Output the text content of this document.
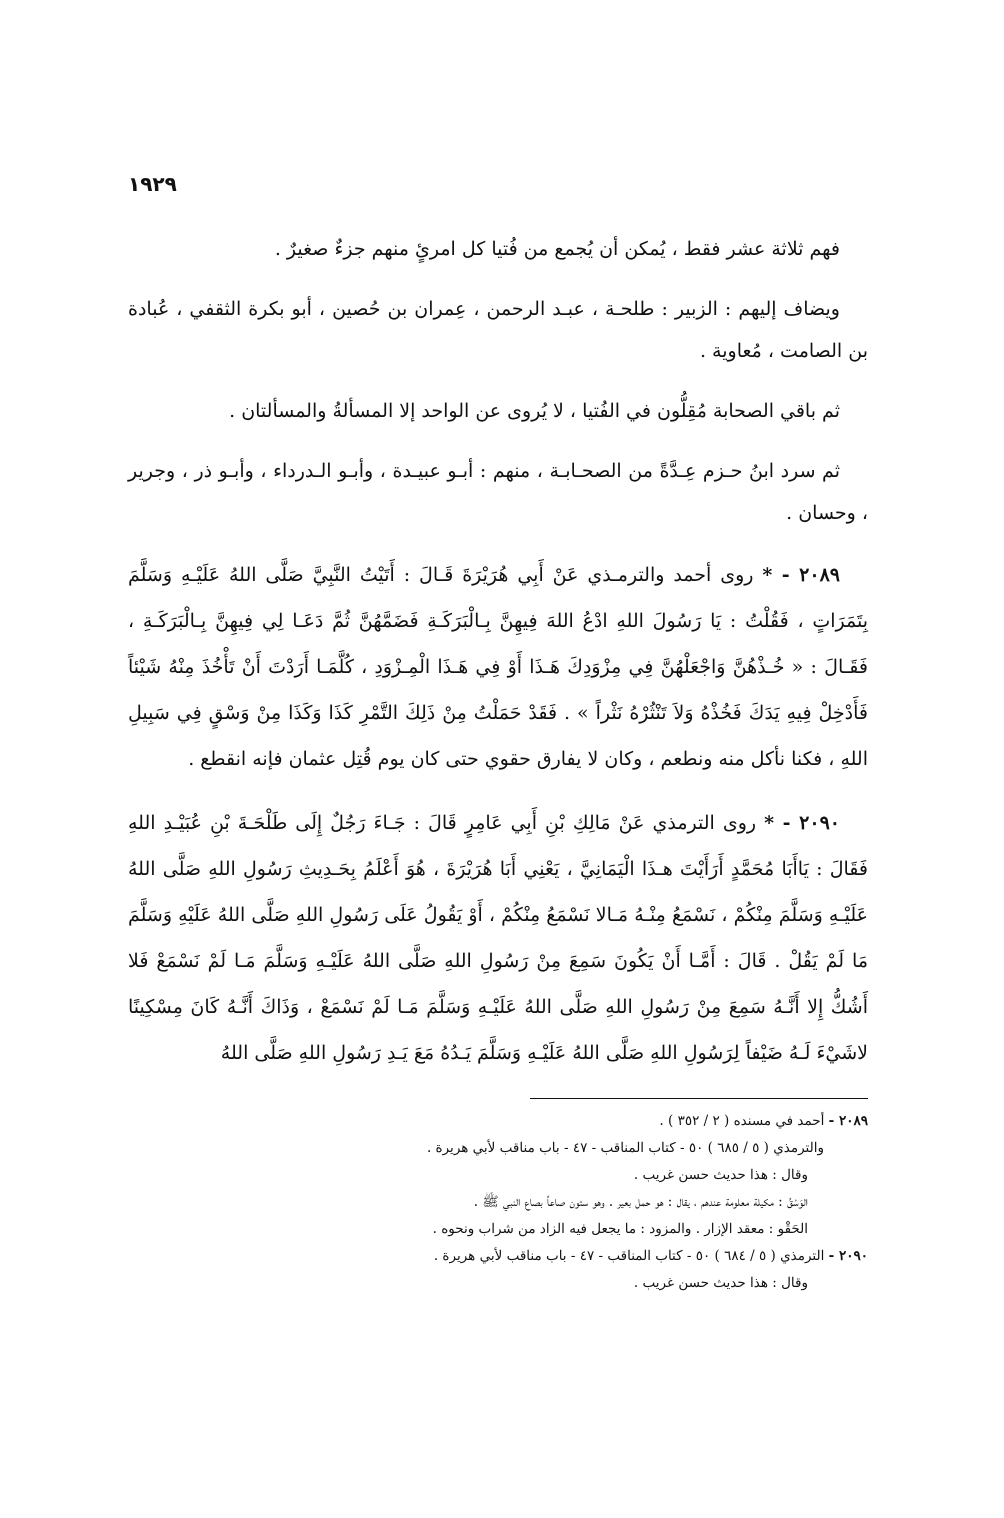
١٩٢٩

فهم ثلاثة عشر فقط ، يُمكن أن يُجمع من فُتيا كل امرئٍ منهم جزءٌ صغيرٌ .

ويضاف إليهم : الزبير : طلحـة ، عبـد الرحمن ، عِمران بن حُصين ، أبو بكرة الثقفي ، عُبادة بن الصامت ، مُعاوية .

ثم باقي الصحابة مُقِلُّون في الفُتيا ، لا يُروى عن الواحد إلا المسألةُ والمسألتان .

ثم سرد ابنُ حـزم عِـدَّةً من الصحـابـة ، منهم : أبـو عبيـدة ، وأبـو الـدرداء ، وأبـو ذر ، وجرير ، وحسان .

٢٠٨٩ - * روى أحمد والترمـذي عَنْ أَبِي هُرَيْرَةَ قَـالَ : أَتَيْتُ النَّبِيَّ صَلَّى اللهُ عَلَيْـهِ وَسَلَّمَ بِتَمَرَاتٍ ، فَقُلْتُ : يَا رَسُولَ اللهِ ادْعُ اللهَ فِيهِنَّ بِـالْبَرَكَـةِ فَضَمَّهُنَّ ثُمَّ دَعَـا لِي فِيهِنَّ بِـالْبَرَكَـةِ ، فَقَـالَ : « خُـذْهُنَّ وَاجْعَلْهُنَّ فِي مِزْوَدِكَ هَـذَا أَوْ فِي هَـذَا الْمِـزْوَدِ ، كُلَّمَـا أَرَدْتَ أَنْ تَأْخُذَ مِنْهُ شَيْئاً فَأَدْخِلْ فِيهِ يَدَكَ فَخُذْهُ وَلاَ تَنْثُرْهُ نَثْراً » . فَقَدْ حَمَلْتُ مِنْ ذَلِكَ التَّمْرِ كَذَا وَكَذَا مِنْ وَسْقٍ فِي سَبِيلِ اللهِ ، فكنا نأكل منه ونطعم ، وكان لا يفارق حقوي حتى كان يوم قُتِل عثمان فإنه انقطع .

٢٠٩٠ - * روى الترمذي عَنْ مَالِكِ بْنِ أَبِي عَامِرٍ قَالَ : جَـاءَ رَجُلٌ إِلَى طَلْحَـةَ بْنِ عُبَيْـدِ اللهِ فَقَالَ : يَاأَبَا مُحَمَّدٍ أَرَأَيْتَ هـذَا الْيَمَانِيَّ ، يَعْنِي أَبَا هُرَيْرَةَ ، هُوَ أَعْلَمُ بِحَـدِيثِ رَسُولِ اللهِ صَلَّى اللهُ عَلَيْـهِ وَسَلَّمَ مِنْكُمْ ، نَسْمَعُ مِنْـهُ مَـالا نَسْمَعُ مِنْكُمْ ، أَوْ يَقُولُ عَلَى رَسُولِ اللهِ صَلَّى اللهُ عَلَيْهِ وَسَلَّمَ مَا لَمْ يَقُلْ . قَالَ : أَمَّـا أَنْ يَكُونَ سَمِعَ مِنْ رَسُولِ اللهِ صَلَّى اللهُ عَلَيْـهِ وَسَلَّمَ مَـا لَمْ نَسْمَعْ فَلا أَشُكُّ إِلا أَنَّـهُ سَمِعَ مِنْ رَسُولِ اللهِ صَلَّى اللهُ عَلَيْـهِ وَسَلَّمَ مَـا لَمْ نَسْمَعْ ، وَذَاكَ أَنَّـهُ كَانَ مِسْكِينًا لاشَيْءَ لَـهُ ضَيْفاً لِرَسُولِ اللهِ صَلَّى اللهُ عَلَيْـهِ وَسَلَّمَ يَـدُهُ مَعَ يَـدِ رَسُولِ اللهِ صَلَّى اللهُ

٢٠٨٩ - أحمد في مسنده ( ٢ / ٣٥٢ ) .

والترمذي ( ٥ / ٦٨٥ ) ٥٠ - كتاب المناقب - ٤٧ - باب مناقب لأبي هريرة .

وقال : هذا حديث حسن غريب .

الوَسْقُ : مكيلة معلومة عندهم ، يقال : هو حمل بعير . وهو ستون صاعاً بصاع النبي ﷺ .

الحَقْو : معقد الإزار . والمزود : ما يجعل فيه الزاد من شراب ونحوه .

٢٠٩٠ - الترمذي ( ٥ / ٦٨٤ ) ٥٠ - كتاب المناقب - ٤٧ - باب مناقب لأبي هريرة .

وقال : هذا حديث حسن غريب .
